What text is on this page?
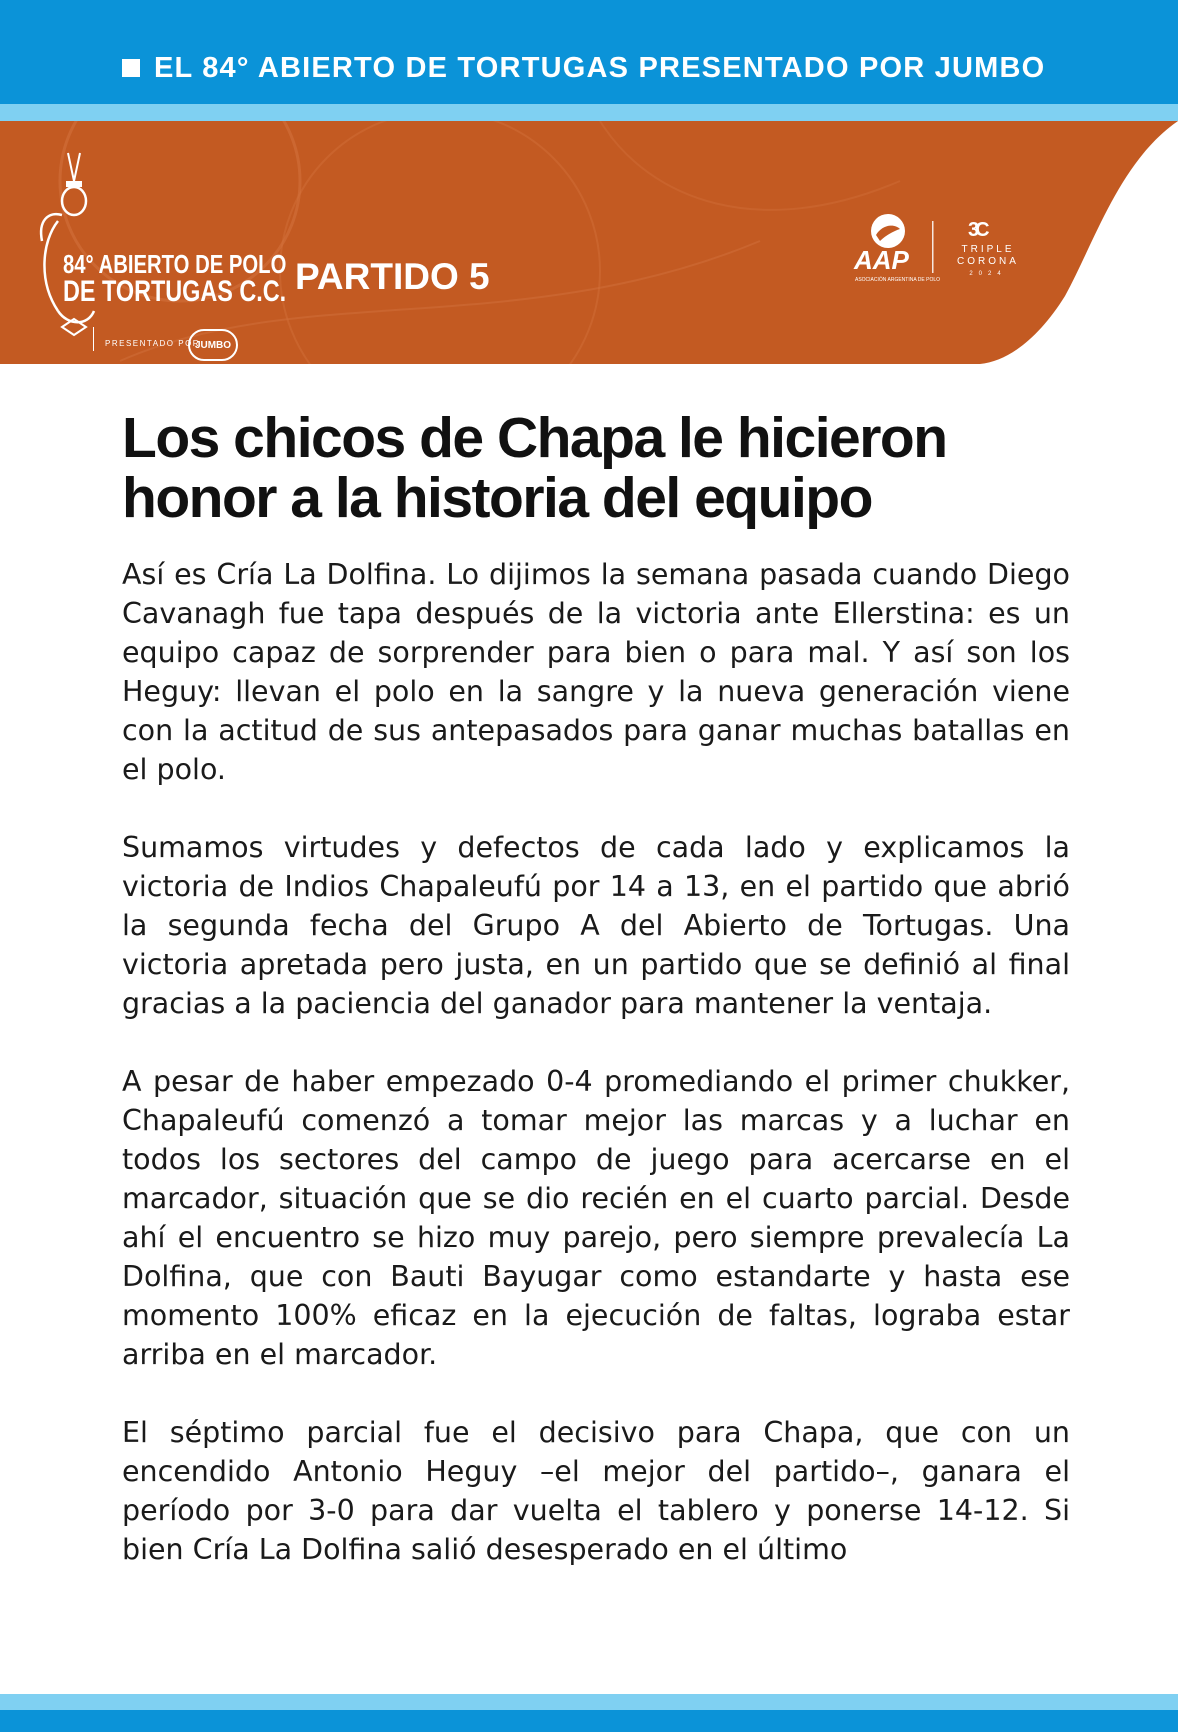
EL 84° ABIERTO DE TORTUGAS PRESENTADO POR JUMBO
84° ABIERTO DE POLO
DE TORTUGAS C.C.
PRESENTADO POR
JUMBO
PARTIDO 5	AAP
ASOCIACIÓN ARGENTINA DE POLO
3C
TRIPLE
CORONA
2024
Los chicos de Chapa le hicieron honor a la historia del equipo

Así es Cría La Dolfina. Lo dijimos la semana pasada cuando Diego Cavanagh fue tapa después de la victoria ante Ellerstina: es un equipo capaz de sorprender para bien o para mal. Y así son los Heguy: llevan el polo en la sangre y la nueva generación viene con la actitud de sus antepasados para ganar muchas batallas en el polo.

Sumamos virtudes y defectos de cada lado y explicamos la victoria de Indios Chapaleufú por 14 a 13, en el partido que abrió la segunda fecha del Grupo A del Abierto de Tortugas. Una victoria apretada pero justa, en un partido que se definió al final gracias a la paciencia del ganador para mantener la ventaja.

A pesar de haber empezado 0-4 promediando el primer chukker, Chapaleufú comenzó a tomar mejor las marcas y a luchar en todos los sectores del campo de juego para acercarse en el marcador, situación que se dio recién en el cuarto parcial. Desde ahí el encuentro se hizo muy parejo, pero siempre prevalecía La Dolfina, que con Bauti Bayugar como estandarte y hasta ese momento 100% eficaz en la ejecución de faltas, lograba estar arriba en el marcador.

El séptimo parcial fue el decisivo para Chapa, que con un encendido Antonio Heguy –el mejor del partido–, ganara el período por 3-0 para dar vuelta el tablero y ponerse 14-12. Si bien Cría La Dolfina salió desesperado en el último
